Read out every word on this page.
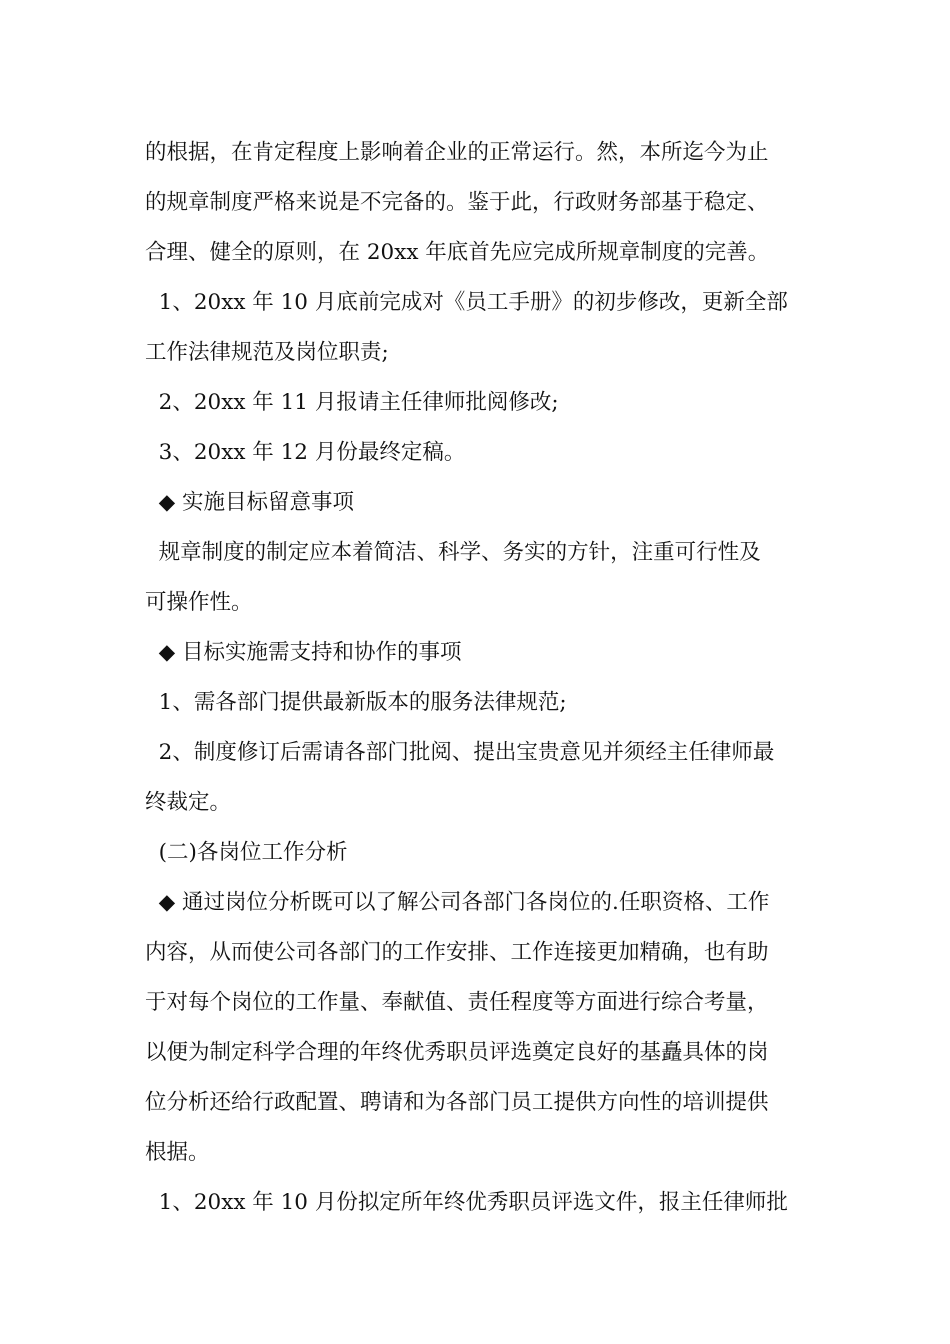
的根据，在肯定程度上影响着企业的正常运行。然，本所迄今为止
的规章制度严格来说是不完备的。鉴于此，行政财务部基于稳定、
合理、健全的原则，在 20xx 年底首先应完成所规章制度的完善。
1、20xx 年 10 月底前完成对《员工手册》的初步修改，更新全部
工作法律规范及岗位职责;
2、20xx 年 11 月报请主任律师批阅修改;
3、20xx 年 12 月份最终定稿。
◆ 实施目标留意事项
规章制度的制定应本着简洁、科学、务实的方针，注重可行性及
可操作性。
◆ 目标实施需支持和协作的事项
1、需各部门提供最新版本的服务法律规范;
2、制度修订后需请各部门批阅、提出宝贵意见并须经主任律师最
终裁定。
(二)各岗位工作分析
◆ 通过岗位分析既可以了解公司各部门各岗位的.任职资格、工作
内容，从而使公司各部门的工作安排、工作连接更加精确，也有助
于对每个岗位的工作量、奉献值、责任程度等方面进行综合考量，
以便为制定科学合理的年终优秀职员评选奠定良好的基矗具体的岗
位分析还给行政配置、聘请和为各部门员工提供方向性的培训提供
根据。
1、20xx 年 10 月份拟定所年终优秀职员评选文件，报主任律师批
